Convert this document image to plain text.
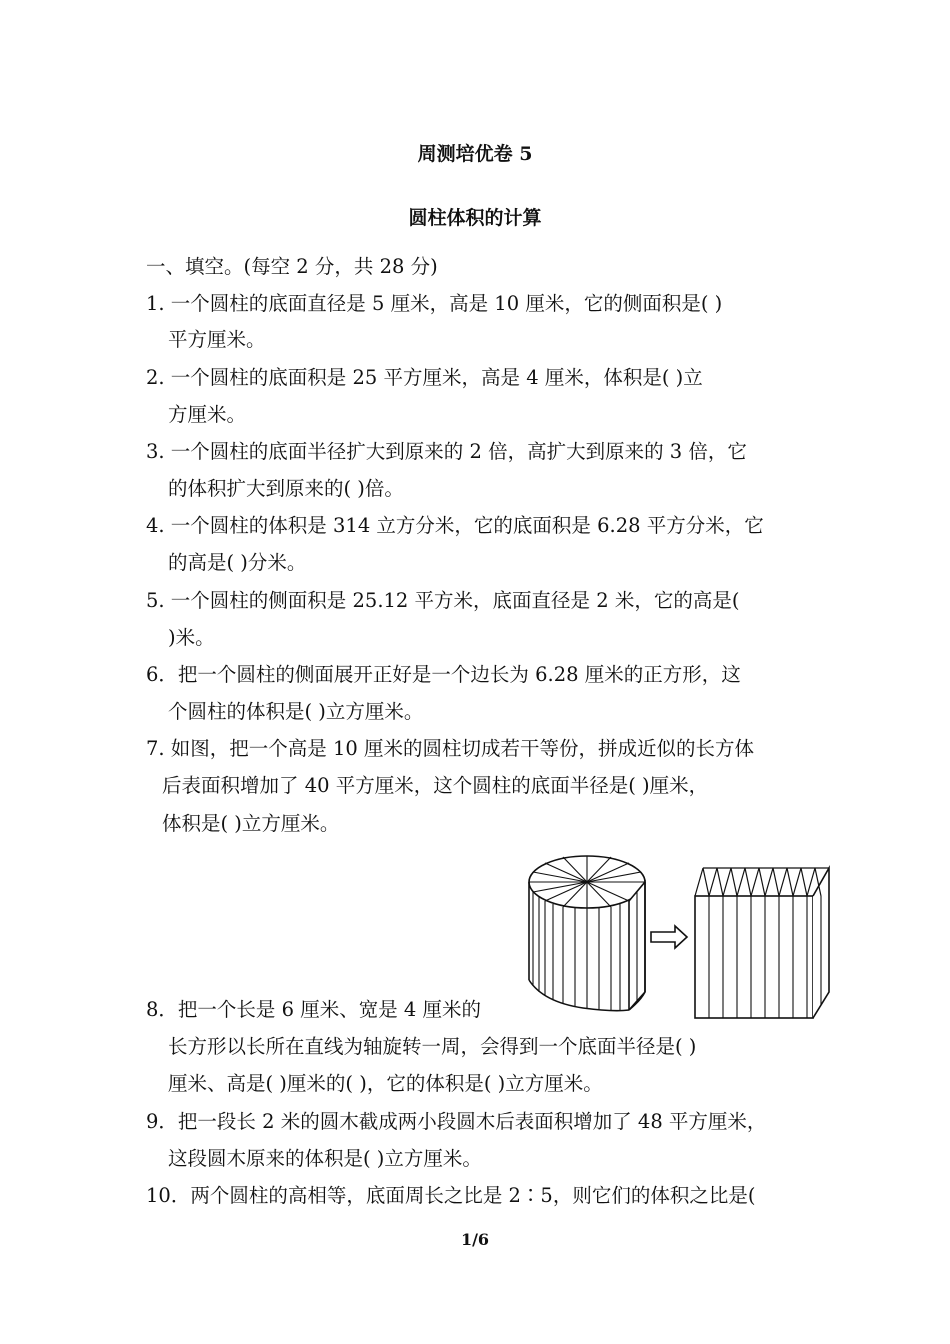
周测培优卷 5
圆柱体积的计算
一、填空。(每空 2 分，共 28 分)
1. 一个圆柱的底面直径是 5 厘米，高是 10 厘米，它的侧面积是( )
平方厘米。
2. 一个圆柱的底面积是 25 平方厘米，高是 4 厘米，体积是( )立
方厘米。
3. 一个圆柱的底面半径扩大到原来的 2 倍，高扩大到原来的 3 倍，它
的体积扩大到原来的( )倍。
4. 一个圆柱的体积是 314 立方分米，它的底面积是 6.28 平方分米，它
的高是( )分米。
5. 一个圆柱的侧面积是 25.12 平方米，底面直径是 2 米，它的高是(
)米。
6．把一个圆柱的侧面展开正好是一个边长为 6.28 厘米的正方形，这
个圆柱的体积是( )立方厘米。
7. 如图，把一个高是 10 厘米的圆柱切成若干等份，拼成近似的长方体
后表面积增加了 40 平方厘米，这个圆柱的底面半径是( )厘米，
体积是( )立方厘米。
8．把一个长是 6 厘米、宽是 4 厘米的
长方形以长所在直线为轴旋转一周，会得到一个底面半径是( )
厘米、高是( )厘米的( )，它的体积是( )立方厘米。
9．把一段长 2 米的圆木截成两小段圆木后表面积增加了 48 平方厘米，
这段圆木原来的体积是( )立方厘米。
10．两个圆柱的高相等，底面周长之比是 2∶5，则它们的体积之比是(
1/6
